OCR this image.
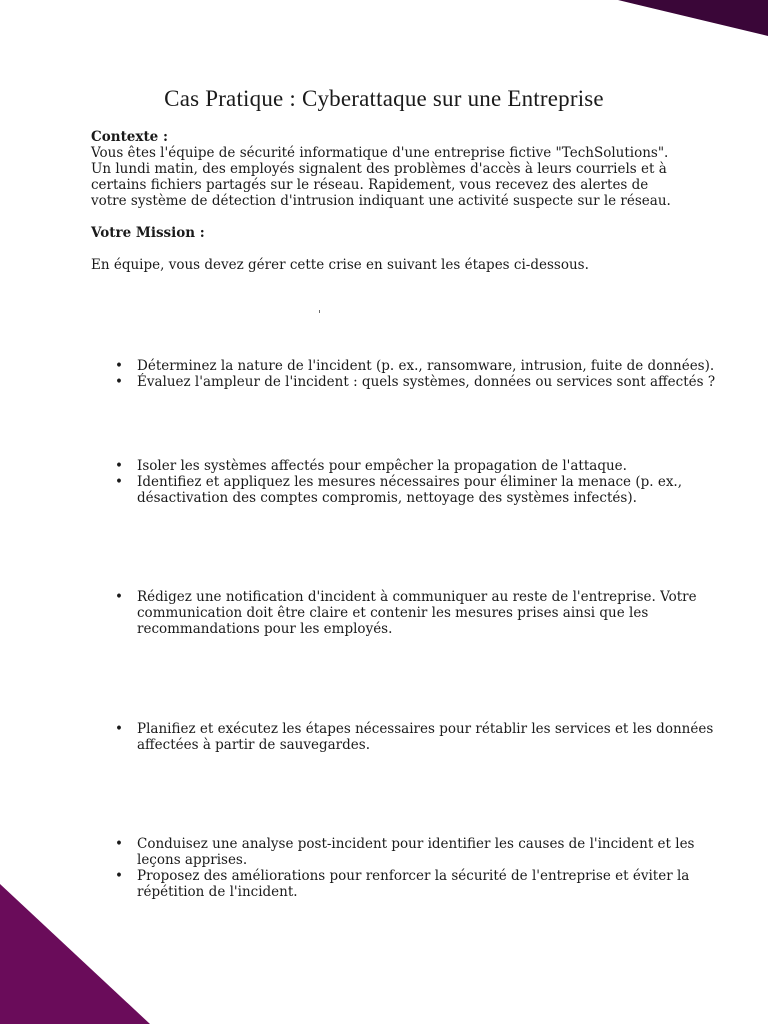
Cas Pratique : Cyberattaque sur une Entreprise
Contexte :
Vous êtes l'équipe de sécurité informatique d'une entreprise fictive "TechSolutions". Un lundi matin, des employés signalent des problèmes d'accès à leurs courriels et à certains fichiers partagés sur le réseau. Rapidement, vous recevez des alertes de votre système de détection d'intrusion indiquant une activité suspecte sur le réseau.
Votre Mission :
En équipe, vous devez gérer cette crise en suivant les étapes ci-dessous.
'
• Déterminez la nature de l'incident (p. ex., ransomware, intrusion, fuite de données).
• Évaluez l'ampleur de l'incident : quels systèmes, données ou services sont affectés ?
• Isoler les systèmes affectés pour empêcher la propagation de l'attaque.
• Identifiez et appliquez les mesures nécessaires pour éliminer la menace (p. ex., désactivation des comptes compromis, nettoyage des systèmes infectés).
• Rédigez une notification d'incident à communiquer au reste de l'entreprise. Votre communication doit être claire et contenir les mesures prises ainsi que les recommandations pour les employés.
• Planifiez et exécutez les étapes nécessaires pour rétablir les services et les données affectées à partir de sauvegardes.
• Conduisez une analyse post-incident pour identifier les causes de l'incident et les leçons apprises.
• Proposez des améliorations pour renforcer la sécurité de l'entreprise et éviter la répétition de l'incident.
